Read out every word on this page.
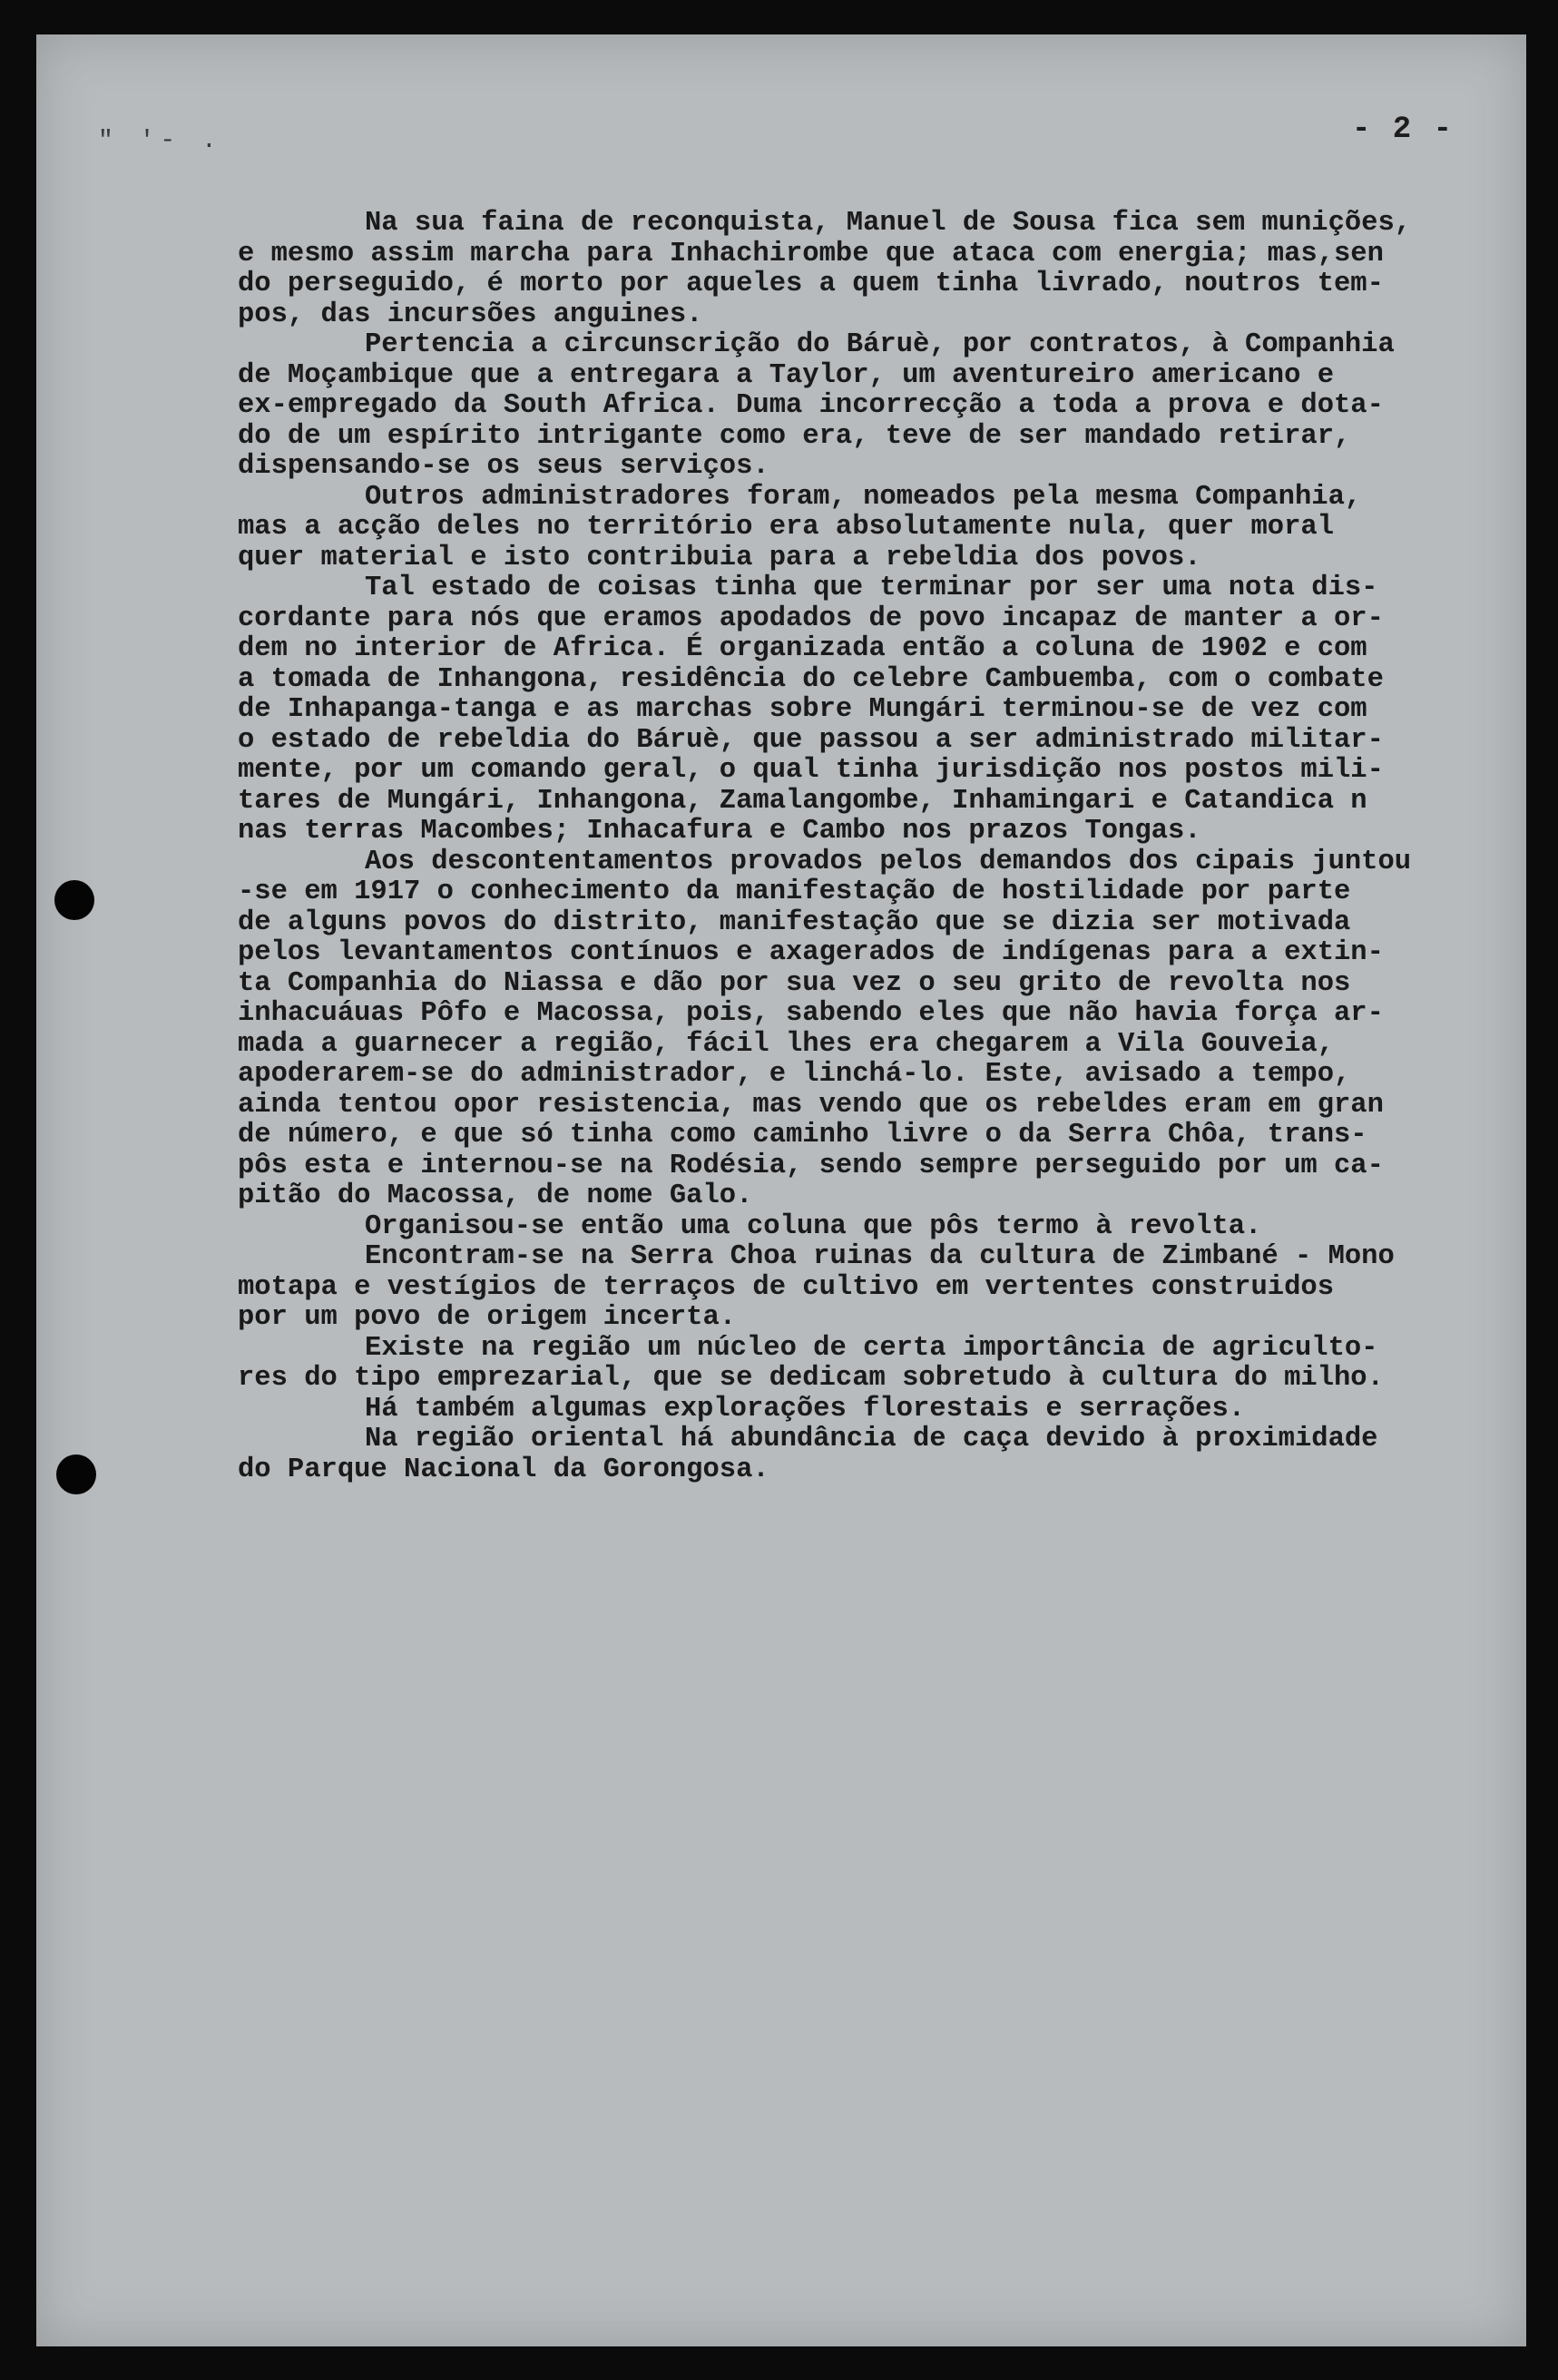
" '- .	- 2 -
Na sua faina de reconquista, Manuel de Sousa fica sem munições,
e mesmo assim marcha para Inhachirombe que ataca com energia; mas,sen
do perseguido, é morto por aqueles a quem tinha livrado, noutros tem-
pos, das incursões anguines.
Pertencia a circunscrição do Báruè, por contratos, à Companhia
de Moçambique que a entregara a Taylor, um aventureiro americano e
ex-empregado da South Africa. Duma incorrecção a toda a prova e dota-
do de um espírito intrigante como era, teve de ser mandado retirar,
dispensando-se os seus serviços.
Outros administradores foram, nomeados pela mesma Companhia,
mas a acção deles no território era absolutamente nula, quer moral
quer material e isto contribuia para a rebeldia dos povos.
Tal estado de coisas tinha que terminar por ser uma nota dis-
cordante para nós que eramos apodados de povo incapaz de manter a or-
dem no interior de Africa. É organizada então a coluna de 1902 e com
a tomada de Inhangona, residência do celebre Cambuemba, com o combate
de Inhapanga-tanga e as marchas sobre Mungári terminou-se de vez com
o estado de rebeldia do Báruè, que passou a ser administrado militar-
mente, por um comando geral, o qual tinha jurisdição nos postos mili-
tares de Mungári, Inhangona, Zamalangombe, Inhamingari e Catandica n
nas terras Macombes; Inhacafura e Cambo nos prazos Tongas.
Aos descontentamentos provados pelos demandos dos cipais juntou
-se em 1917 o conhecimento da manifestação de hostilidade por parte
de alguns povos do distrito, manifestação que se dizia ser motivada
pelos levantamentos contínuos e axagerados de indígenas para a extin-
ta Companhia do Niassa e dão por sua vez o seu grito de revolta nos
inhacuáuas Pôfo e Macossa, pois, sabendo eles que não havia força ar-
mada a guarnecer a região, fácil lhes era chegarem a Vila Gouveia,
apoderarem-se do administrador, e linchá-lo. Este, avisado a tempo,
ainda tentou opor resistencia, mas vendo que os rebeldes eram em gran
de número, e que só tinha como caminho livre o da Serra Chôa, trans-
pôs esta e internou-se na Rodésia, sendo sempre perseguido por um ca-
pitão do Macossa, de nome Galo.
Organisou-se então uma coluna que pôs termo à revolta.
Encontram-se na Serra Choa ruinas da cultura de Zimbané - Mono
motapa e vestígios de terraços de cultivo em vertentes construidos
por um povo de origem incerta.
Existe na região um núcleo de certa importância de agriculto-
res do tipo emprezarial, que se dedicam sobretudo à cultura do milho.
Há também algumas explorações florestais e serrações.
Na região oriental há abundância de caça devido à proximidade
do Parque Nacional da Gorongosa.
